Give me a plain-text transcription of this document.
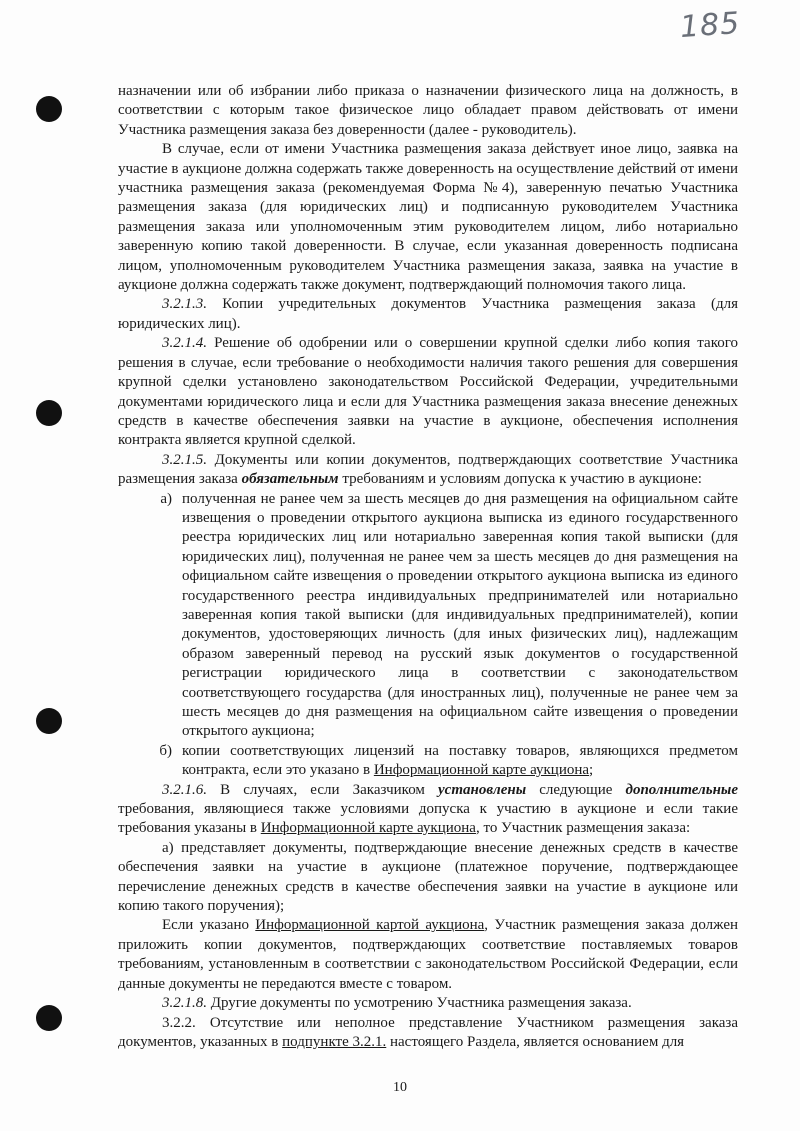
185

назначении или об избрании либо приказа о назначении физического лица на должность, в соответствии с которым такое физическое лицо обладает правом действовать от имени Участника размещения заказа без доверенности (далее - руководитель).

В случае, если от имени Участника размещения заказа действует иное лицо, заявка на участие в аукционе должна содержать также доверенность на осуществление действий от имени участника размещения заказа (рекомендуемая Форма №4), заверенную печатью Участника размещения заказа (для юридических лиц) и подписанную руководителем Участника размещения заказа или уполномоченным этим руководителем лицом, либо нотариально заверенную копию такой доверенности. В случае, если указанная доверенность подписана лицом, уполномоченным руководителем Участника размещения заказа, заявка на участие в аукционе должна содержать также документ, подтверждающий полномочия такого лица.

3.2.1.3. Копии учредительных документов Участника размещения заказа (для юридических лиц).

3.2.1.4. Решение об одобрении или о совершении крупной сделки либо копия такого решения в случае, если требование о необходимости наличия такого решения для совершения крупной сделки установлено законодательством Российской Федерации, учредительными документами юридического лица и если для Участника размещения заказа внесение денежных средств в качестве обеспечения заявки на участие в аукционе, обеспечения исполнения контракта является крупной сделкой.

3.2.1.5. Документы или копии документов, подтверждающих соответствие Участника размещения заказа обязательным требованиям и условиям допуска к участию в аукционе:

а) полученная не ранее чем за шесть месяцев до дня размещения на официальном сайте извещения о проведении открытого аукциона выписка из единого государственного реестра юридических лиц или нотариально заверенная копия такой выписки (для юридических лиц), полученная не ранее чем за шесть месяцев до дня размещения на официальном сайте извещения о проведении открытого аукциона выписка из единого государственного реестра индивидуальных предпринимателей или нотариально заверенная копия такой выписки (для индивидуальных предпринимателей), копии документов, удостоверяющих личность (для иных физических лиц), надлежащим образом заверенный перевод на русский язык документов о государственной регистрации юридического лица в соответствии с законодательством соответствующего государства (для иностранных лиц), полученные не ранее чем за шесть месяцев до дня размещения на официальном сайте извещения о проведении открытого аукциона;
б) копии соответствующих лицензий на поставку товаров, являющихся предметом контракта, если это указано в Информационной карте аукциона;

3.2.1.6. В случаях, если Заказчиком установлены следующие дополнительные требования, являющиеся также условиями допуска к участию в аукционе и если такие требования указаны в Информационной карте аукциона, то Участник размещения заказа:

а) представляет документы, подтверждающие внесение денежных средств в качестве обеспечения заявки на участие в аукционе (платежное поручение, подтверждающее перечисление денежных средств в качестве обеспечения заявки на участие в аукционе или копию такого поручения);

Если указано Информационной картой аукциона, Участник размещения заказа должен приложить копии документов, подтверждающих соответствие поставляемых товаров требованиям, установленным в соответствии с законодательством Российской Федерации, если данные документы не передаются вместе с товаром.

3.2.1.8. Другие документы по усмотрению Участника размещения заказа.

3.2.2. Отсутствие или неполное представление Участником размещения заказа документов, указанных в подпункте 3.2.1. настоящего Раздела, является основанием для

10
